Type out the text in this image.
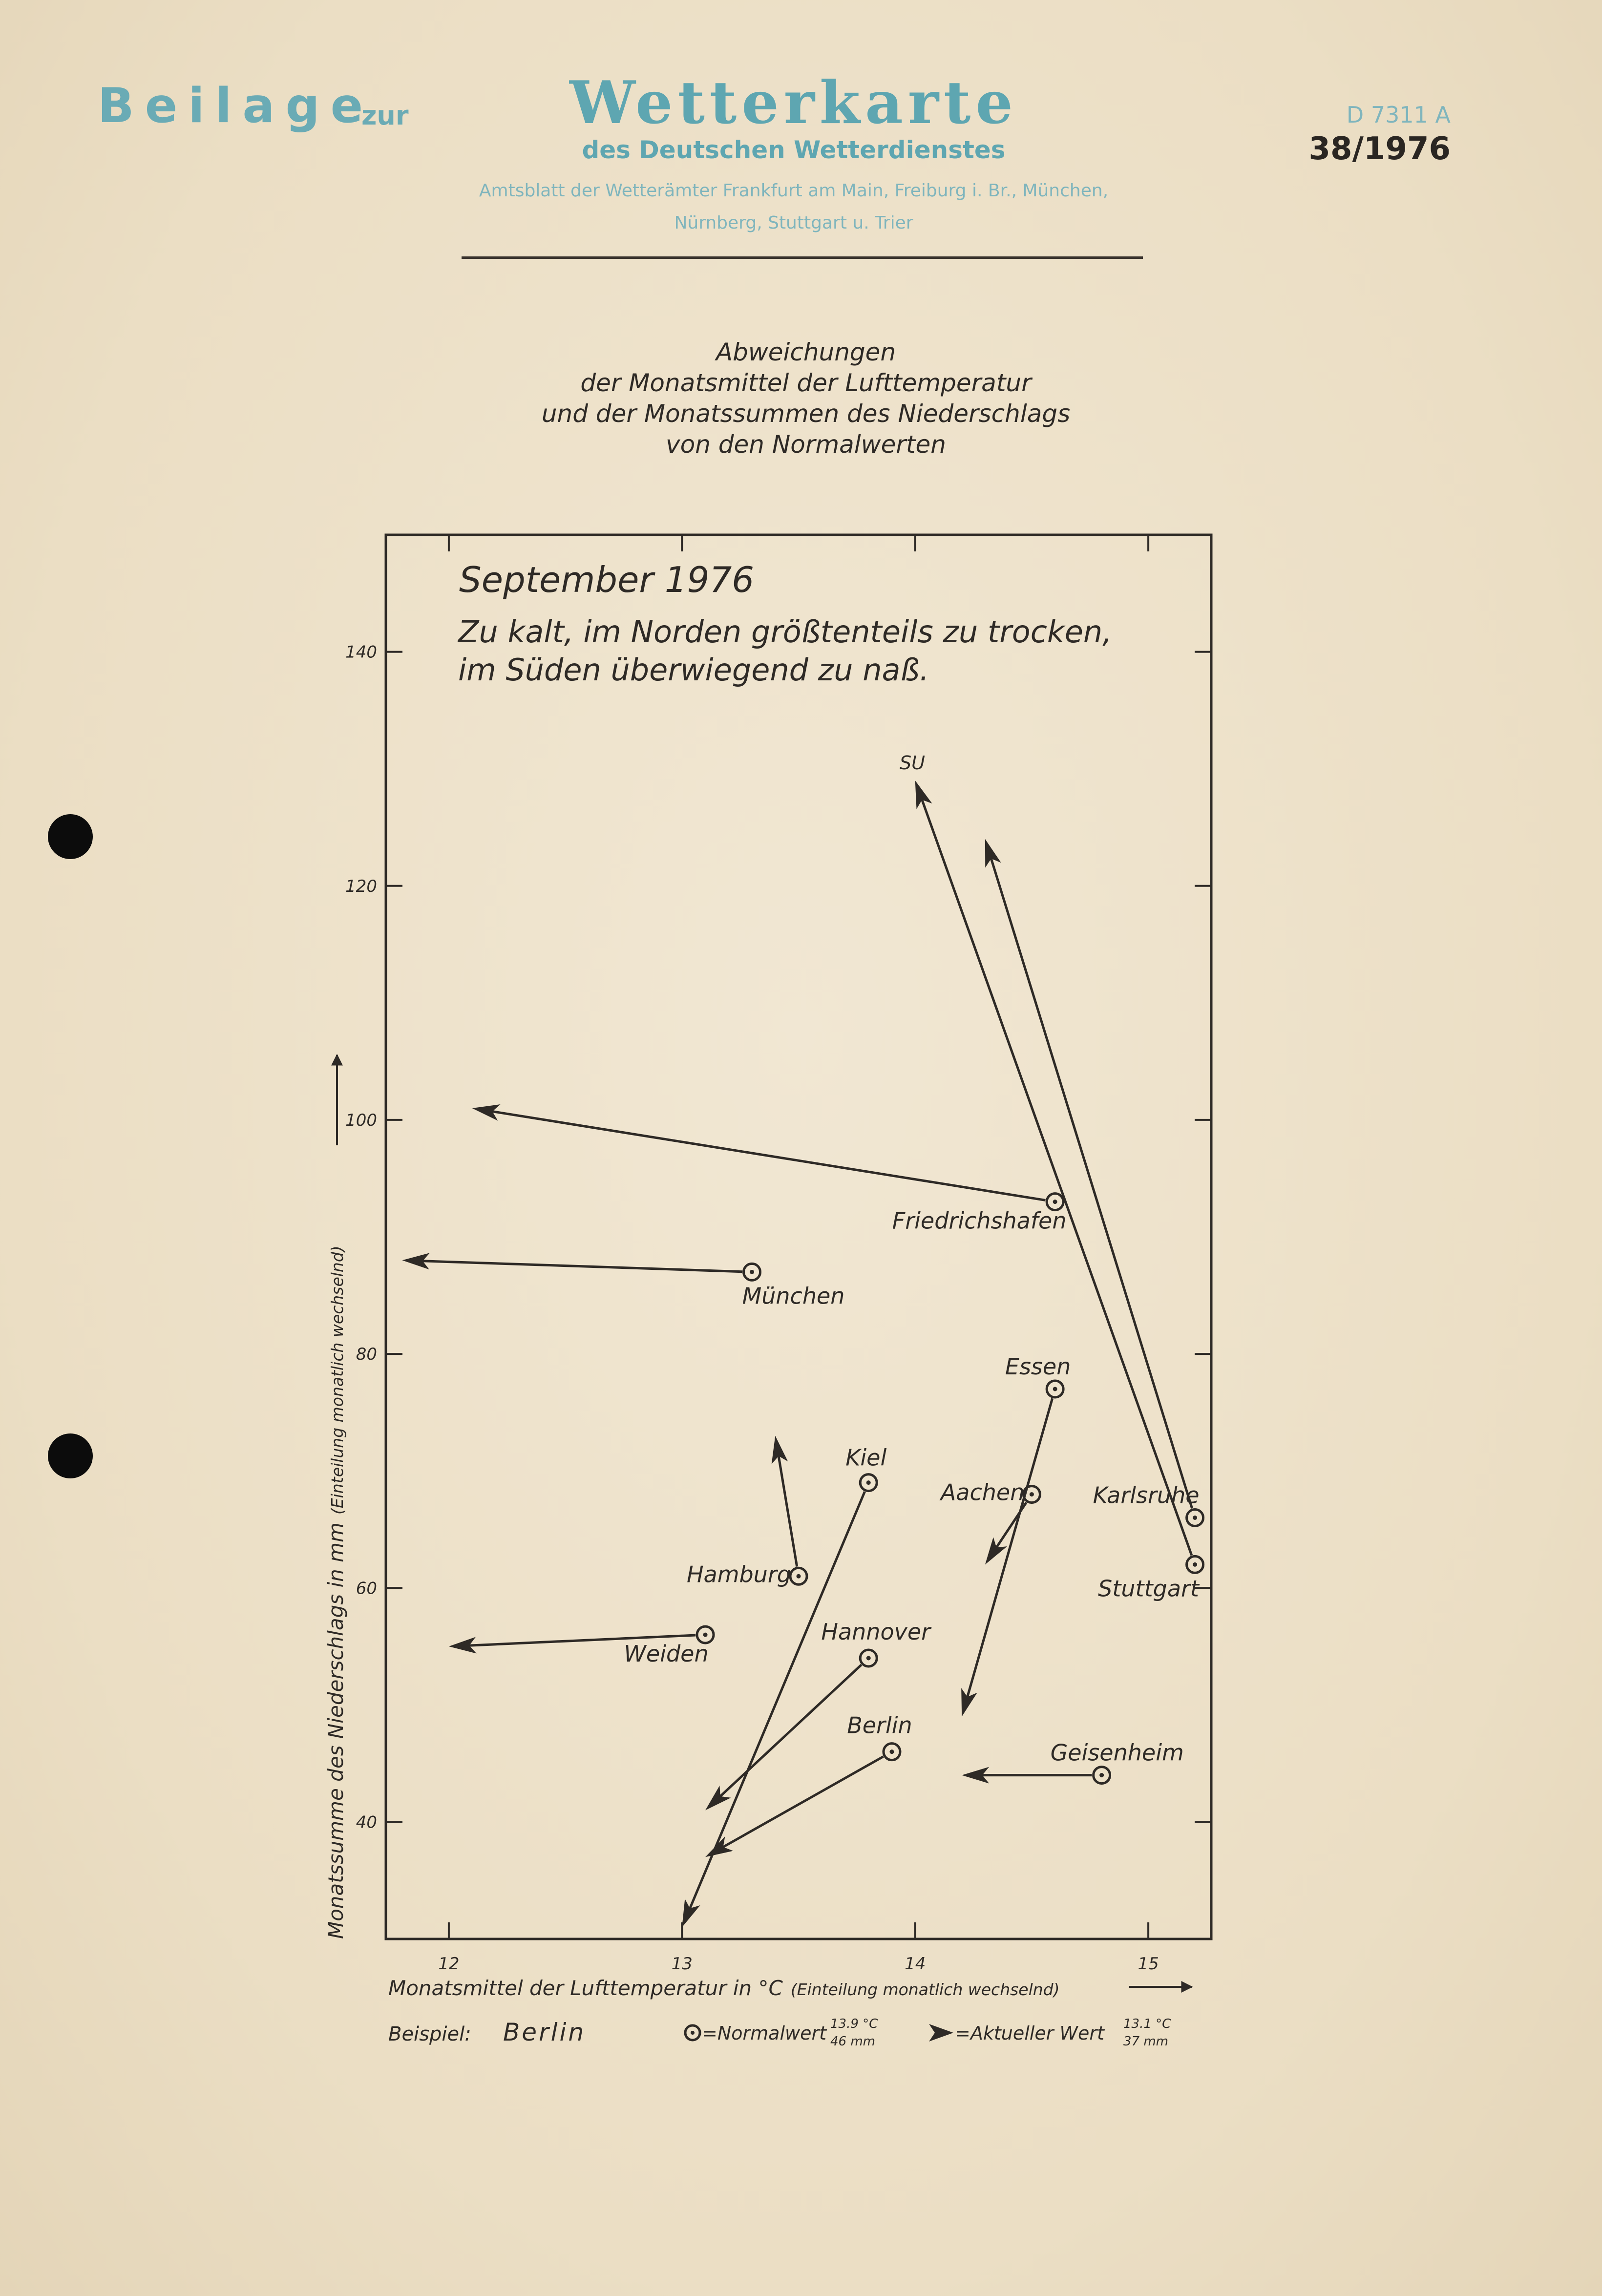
Beilage
zur	Wetterkarte
des Deutschen Wetterdienstes
Amtsblatt der Wetterämter Frankfurt am Main, Freiburg i. Br., München,
Nürnberg, Stuttgart u. Trier
D 7311 A
38/1976
Abweichungen
der Monatsmittel der Lufttemperatur
und der Monatssummen des Niederschlags
von den Normalwerten
12	13	14	15
40
60
80
100
120
140
Friedrichshafen
München
Essen
Kiel
Aachen	Karlsruhe
Stuttgart
Hamburg
Weiden
Hannover
Berlin
Geisenheim
September 1976
Zu kalt, im Norden größtenteils zu trocken,
im Süden überwiegend zu naß.
SU
Monatsmittel der Lufttemperatur in °C (Einteilung monatlich wechselnd)
Monatssumme des Niederschlags in mm(Einteilung monatlich wechselnd)
Beispiel: Berlin	=Normalwert 13.9 °C
46 mm	=Aktueller Wert 13.1 °C
37 mm
